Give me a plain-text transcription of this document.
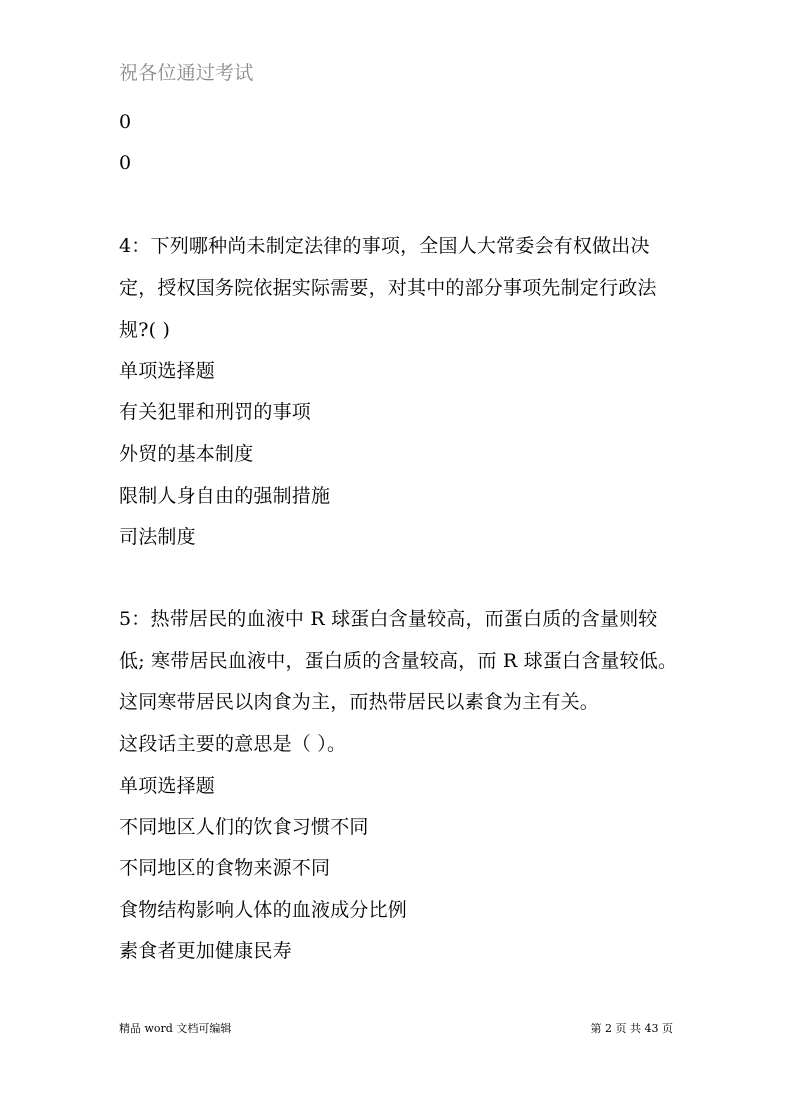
祝各位通过考试
0
0
4：下列哪种尚未制定法律的事项，全国人大常委会有权做出决
定，授权国务院依据实际需要，对其中的部分事项先制定行政法
规?( )
单项选择题
有关犯罪和刑罚的事项
外贸的基本制度
限制人身自由的强制措施
司法制度
5：热带居民的血液中 R 球蛋白含量较高，而蛋白质的含量则较
低; 寒带居民血液中，蛋白质的含量较高，而 R 球蛋白含量较低。
这同寒带居民以肉食为主，而热带居民以素食为主有关。
这段话主要的意思是（ ）。
单项选择题
不同地区人们的饮食习惯不同
不同地区的食物来源不同
食物结构影响人体的血液成分比例
素食者更加健康民寿
精品 word 文档可编辑	第 2 页 共 43 页
